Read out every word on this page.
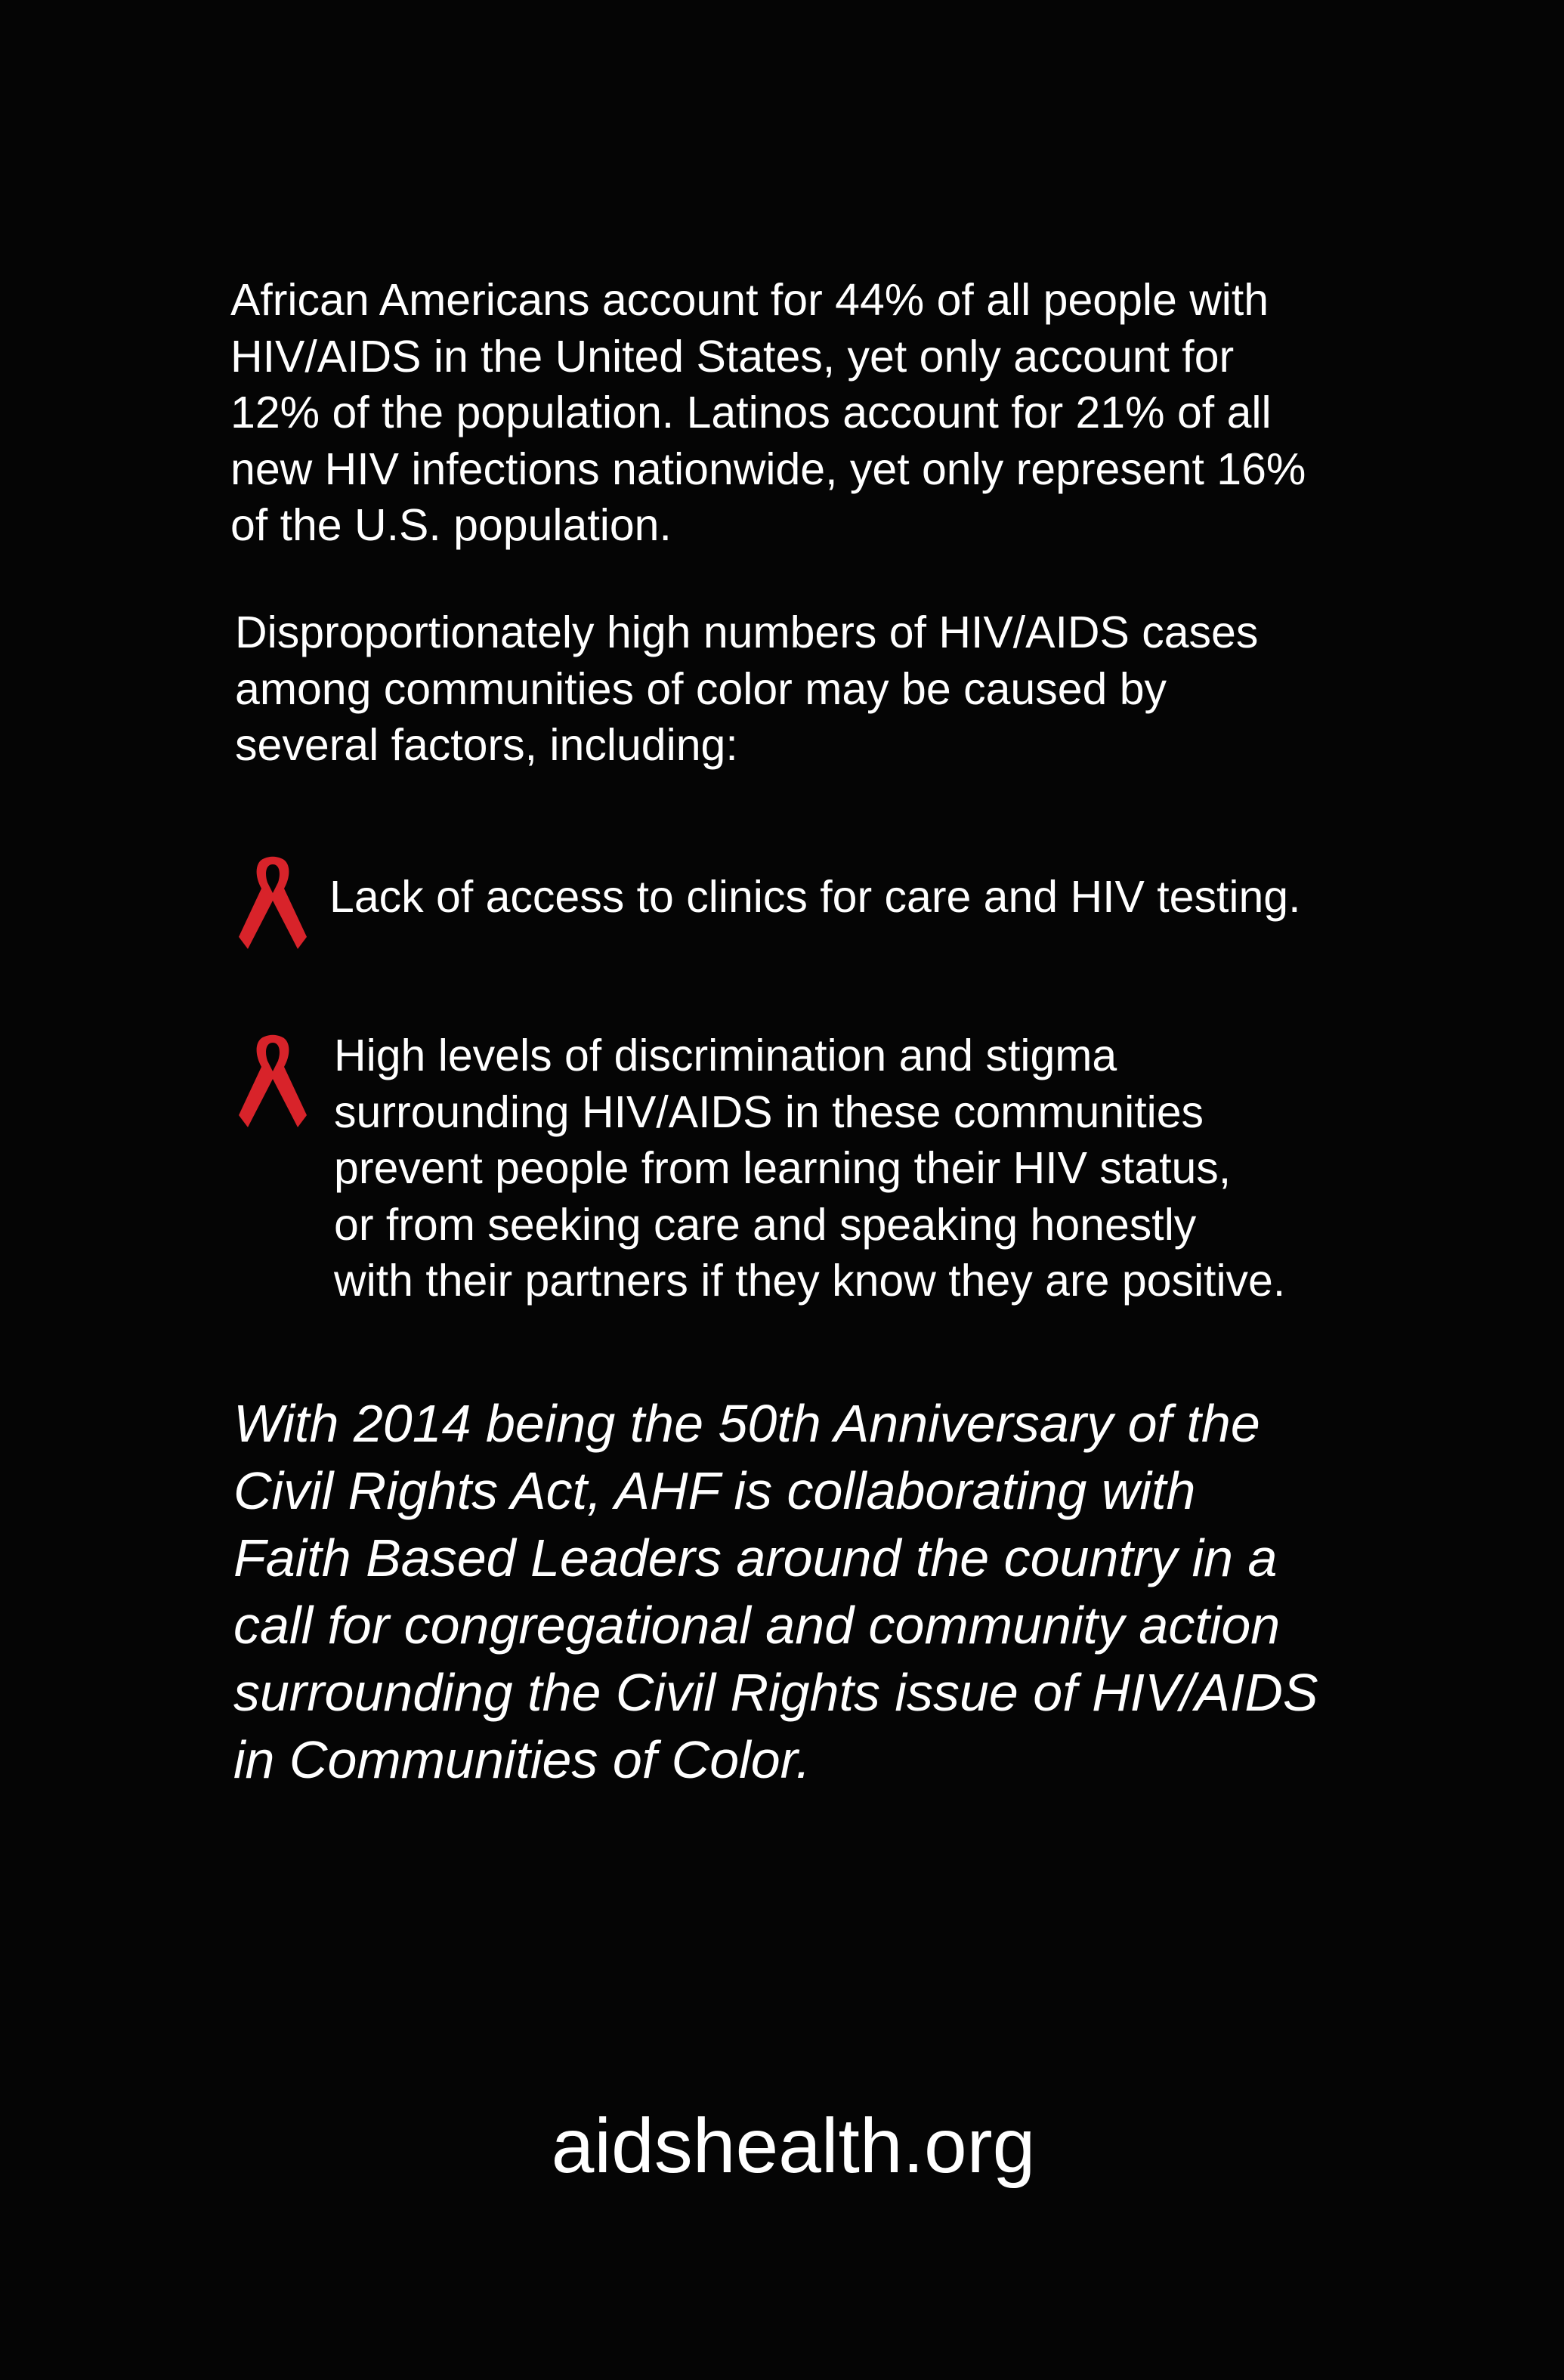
African Americans account for 44% of all people with
HIV/AIDS in the United States, yet only account for
12% of the population. Latinos account for 21% of all
new HIV infections nationwide, yet only represent 16%
of the U.S. population.

Disproportionately high numbers of HIV/AIDS cases
among communities of color may be caused by
several factors, including:

Lack of access to clinics for care and HIV testing.
High levels of discrimination and stigma
surrounding HIV/AIDS in these communities
prevent people from learning their HIV status,
or from seeking care and speaking honestly
with their partners if they know they are positive.

With 2014 being the 50th Anniversary of the
Civil Rights Act, AHF is collaborating with
Faith Based Leaders around the country in a
call for congregational and community action
surrounding the Civil Rights issue of HIV/AIDS
in Communities of Color.

aidshealth.org
